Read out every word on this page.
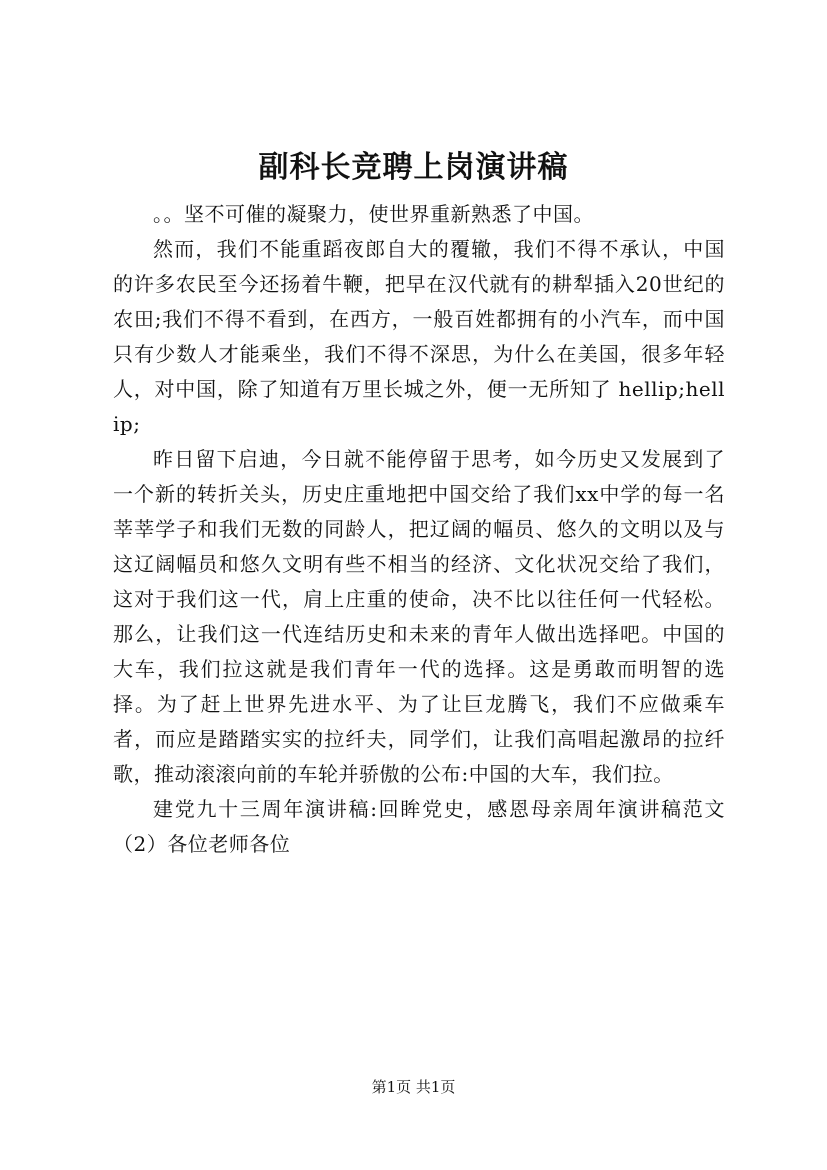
副科长竞聘上岗演讲稿

。。坚不可催的凝聚力，使世界重新熟悉了中国。

然而，我们不能重蹈夜郎自大的覆辙，我们不得不承认，中国的许多农民至今还扬着牛鞭，把早在汉代就有的耕犁插入20世纪的农田;我们不得不看到，在西方，一般百姓都拥有的小汽车，而中国只有少数人才能乘坐，我们不得不深思，为什么在美国，很多年轻人，对中国，除了知道有万里长城之外，便一无所知了 hellip;hellip;

昨日留下启迪，今日就不能停留于思考，如今历史又发展到了一个新的转折关头，历史庄重地把中国交给了我们xx中学的每一名莘莘学子和我们无数的同龄人，把辽阔的幅员、悠久的文明以及与这辽阔幅员和悠久文明有些不相当的经济、文化状况交给了我们，这对于我们这一代，肩上庄重的使命，决不比以往任何一代轻松。那么，让我们这一代连结历史和未来的青年人做出选择吧。中国的大车，我们拉这就是我们青年一代的选择。这是勇敢而明智的选择。为了赶上世界先进水平、为了让巨龙腾飞，我们不应做乘车者，而应是踏踏实实的拉纤夫，同学们，让我们高唱起激昂的拉纤歌，推动滚滚向前的车轮并骄傲的公布:中国的大车，我们拉。

建党九十三周年演讲稿:回眸党史，感恩母亲周年演讲稿范文（2）各位老师各位

第1页 共1页
